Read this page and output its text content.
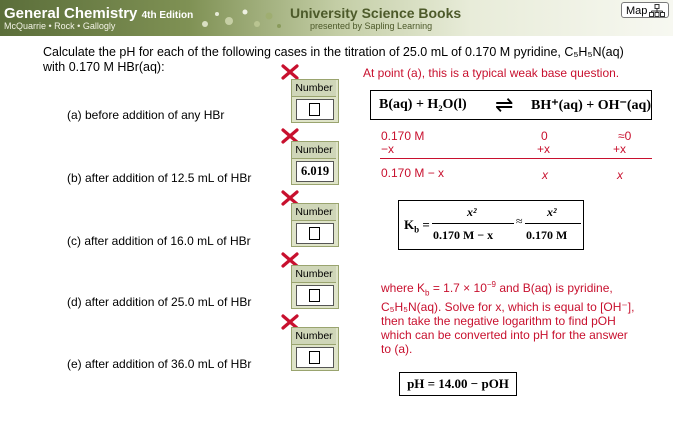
General Chemistry 4th Edition
McQuarrie • Rock • Gallogly
University Science Books
presented by Sapling Learning
Map
Calculate the pH for each of the following cases in the titration of 25.0 mL of 0.170 M pyridine, C₅H₅N(aq)
with 0.170 M HBr(aq):
(a) before addition of any HBr
(b) after addition of 12.5 mL of HBr
(c) after addition of 16.0 mL of HBr
(d) after addition of 25.0 mL of HBr
(e) after addition of 36.0 mL of HBr
Number
Number
6.019
Number
Number
Number
At point (a), this is a typical weak base question.
B(aq) + H₂O(l) ⇌ BH⁺(aq) + OH⁻(aq)
0.170 M	0	≈0
−x	+x	+x
0.170 M − x	x	x
$K_b$ =
x²
0.170 M − x
≈
x²
0.170 M
where $K_b = 1.7 \times 10^{-9}$ and B(aq) is pyridine,
C₅H₅N(aq). Solve for x, which is equal to [OH⁻],
then take the negative logarithm to find pOH
which can be converted into pH for the answer
to (a).
pH = 14.00 − pOH
